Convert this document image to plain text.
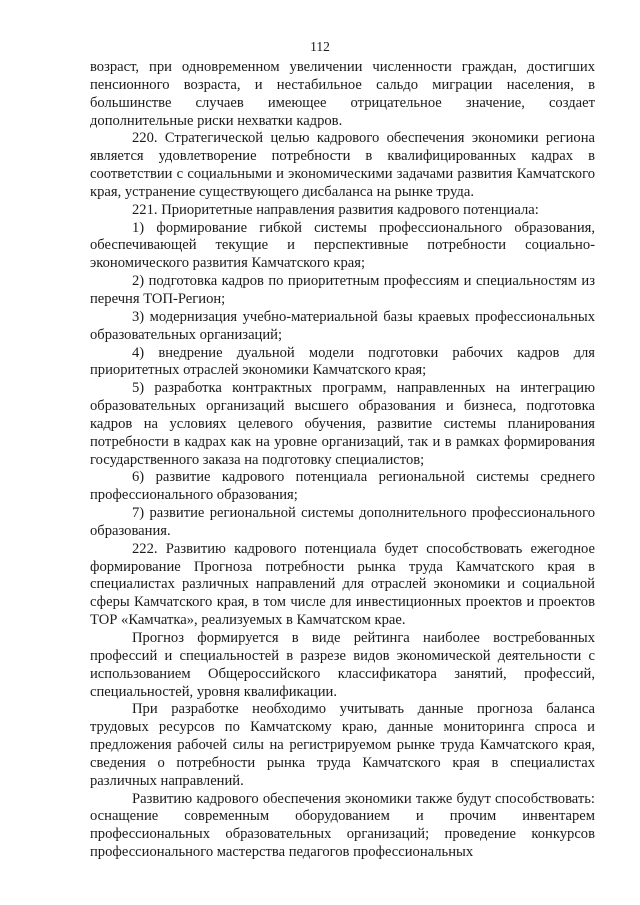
112

возраст, при одновременном увеличении численности граждан, достигших пенсионного возраста, и нестабильное сальдо миграции населения, в большинстве случаев имеющее отрицательное значение, создает дополнительные риски нехватки кадров.

220. Стратегической целью кадрового обеспечения экономики региона является удовлетворение потребности в квалифицированных кадрах в соответствии с социальными и экономическими задачами развития Камчатского края, устранение существующего дисбаланса на рынке труда.

221. Приоритетные направления развития кадрового потенциала:

1) формирование гибкой системы профессионального образования, обеспечивающей текущие и перспективные потребности социально-экономического развития Камчатского края;

2) подготовка кадров по приоритетным профессиям и специальностям из перечня ТОП-Регион;

3) модернизация учебно-материальной базы краевых профессиональных образовательных организаций;

4) внедрение дуальной модели подготовки рабочих кадров для приоритетных отраслей экономики Камчатского края;

5) разработка контрактных программ, направленных на интеграцию образовательных организаций высшего образования и бизнеса, подготовка кадров на условиях целевого обучения, развитие системы планирования потребности в кадрах как на уровне организаций, так и в рамках формирования государственного заказа на подготовку специалистов;

6) развитие кадрового потенциала региональной системы среднего профессионального образования;

7) развитие региональной системы дополнительного профессионального образования.

222. Развитию кадрового потенциала будет способствовать ежегодное формирование Прогноза потребности рынка труда Камчатского края в специалистах различных направлений для отраслей экономики и социальной сферы Камчатского края, в том числе для инвестиционных проектов и проектов ТОР «Камчатка», реализуемых в Камчатском крае.

Прогноз формируется в виде рейтинга наиболее востребованных профессий и специальностей в разрезе видов экономической деятельности с использованием Общероссийского классификатора занятий, профессий, специальностей, уровня квалификации.

При разработке необходимо учитывать данные прогноза баланса трудовых ресурсов по Камчатскому краю, данные мониторинга спроса и предложения рабочей силы на регистрируемом рынке труда Камчатского края, сведения о потребности рынка труда Камчатского края в специалистах различных направлений.

Развитию кадрового обеспечения экономики также будут способствовать: оснащение современным оборудованием и прочим инвентарем профессиональных образовательных организаций; проведение конкурсов профессионального мастерства педагогов профессиональных
